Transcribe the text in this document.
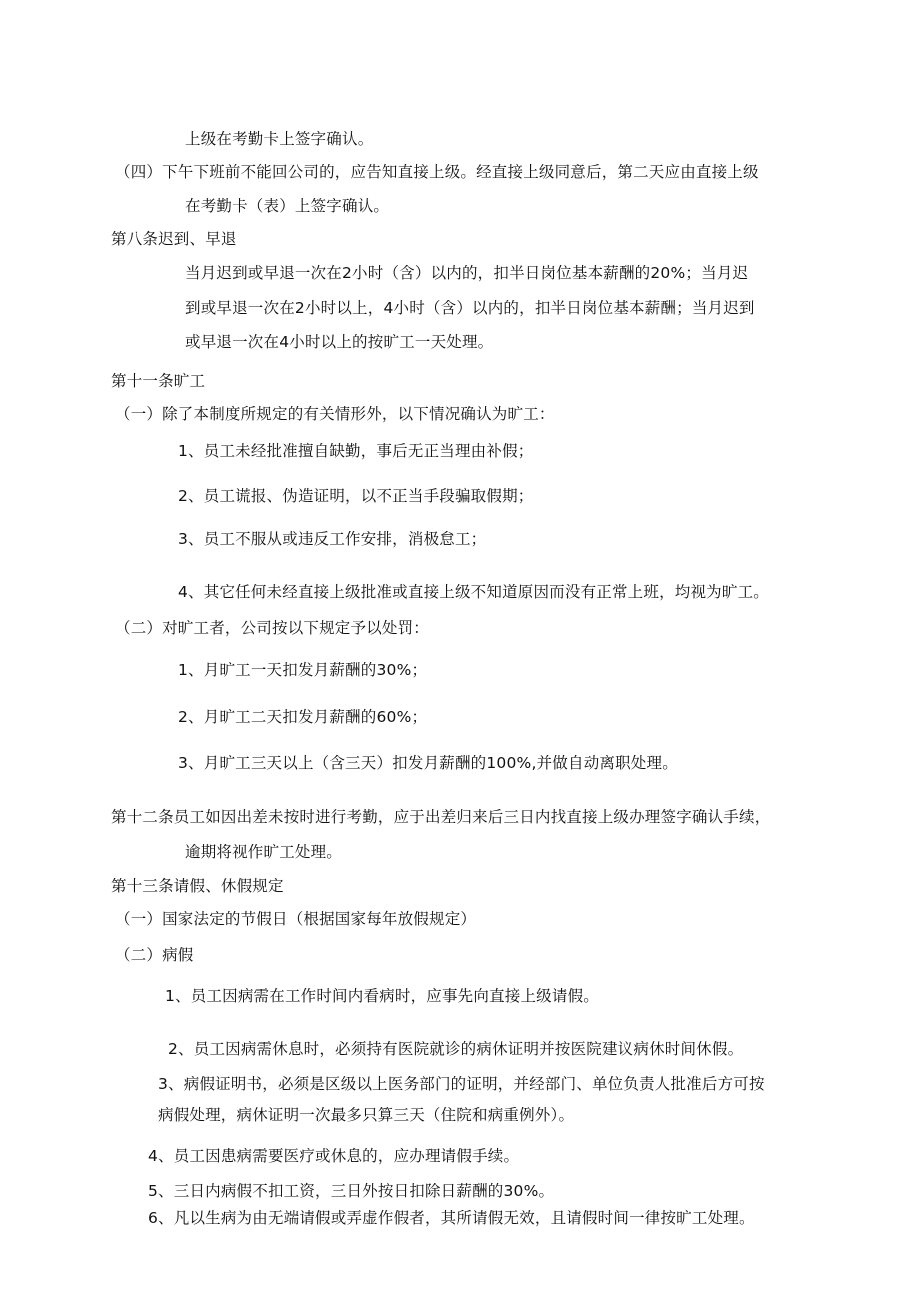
上级在考勤卡上签字确认。
（四）下午下班前不能回公司的，应告知直接上级。经直接上级同意后，第二天应由直接上级
在考勤卡（表）上签字确认。
第八条迟到、早退
当月迟到或早退一次在2小时（含）以内的，扣半日岗位基本薪酬的20%；当月迟
到或早退一次在2小时以上，4小时（含）以内的，扣半日岗位基本薪酬；当月迟到
或早退一次在4小时以上的按旷工一天处理。
第十一条旷工
（一）除了本制度所规定的有关情形外，以下情况确认为旷工：
1、员工未经批准擅自缺勤，事后无正当理由补假；
2、员工谎报、伪造证明，以不正当手段骗取假期；
3、员工不服从或违反工作安排，消极怠工；
4、其它任何未经直接上级批准或直接上级不知道原因而没有正常上班，均视为旷工。
（二）对旷工者，公司按以下规定予以处罚：
1、月旷工一天扣发月薪酬的30%；
2、月旷工二天扣发月薪酬的60%；
3、月旷工三天以上（含三天）扣发月薪酬的100%,并做自动离职处理。
第十二条员工如因出差未按时进行考勤，应于出差归来后三日内找直接上级办理签字确认手续，
逾期将视作旷工处理。
第十三条请假、休假规定
（一）国家法定的节假日（根据国家每年放假规定）
（二）病假
1、员工因病需在工作时间内看病时，应事先向直接上级请假。
2、员工因病需休息时，必须持有医院就诊的病休证明并按医院建议病休时间休假。
3、病假证明书，必须是区级以上医务部门的证明，并经部门、单位负责人批准后方可按
病假处理，病休证明一次最多只算三天（住院和病重例外）。
4、员工因患病需要医疗或休息的，应办理请假手续。
5、三日内病假不扣工资，三日外按日扣除日薪酬的30%。
6、凡以生病为由无端请假或弄虚作假者，其所请假无效，且请假时间一律按旷工处理。
